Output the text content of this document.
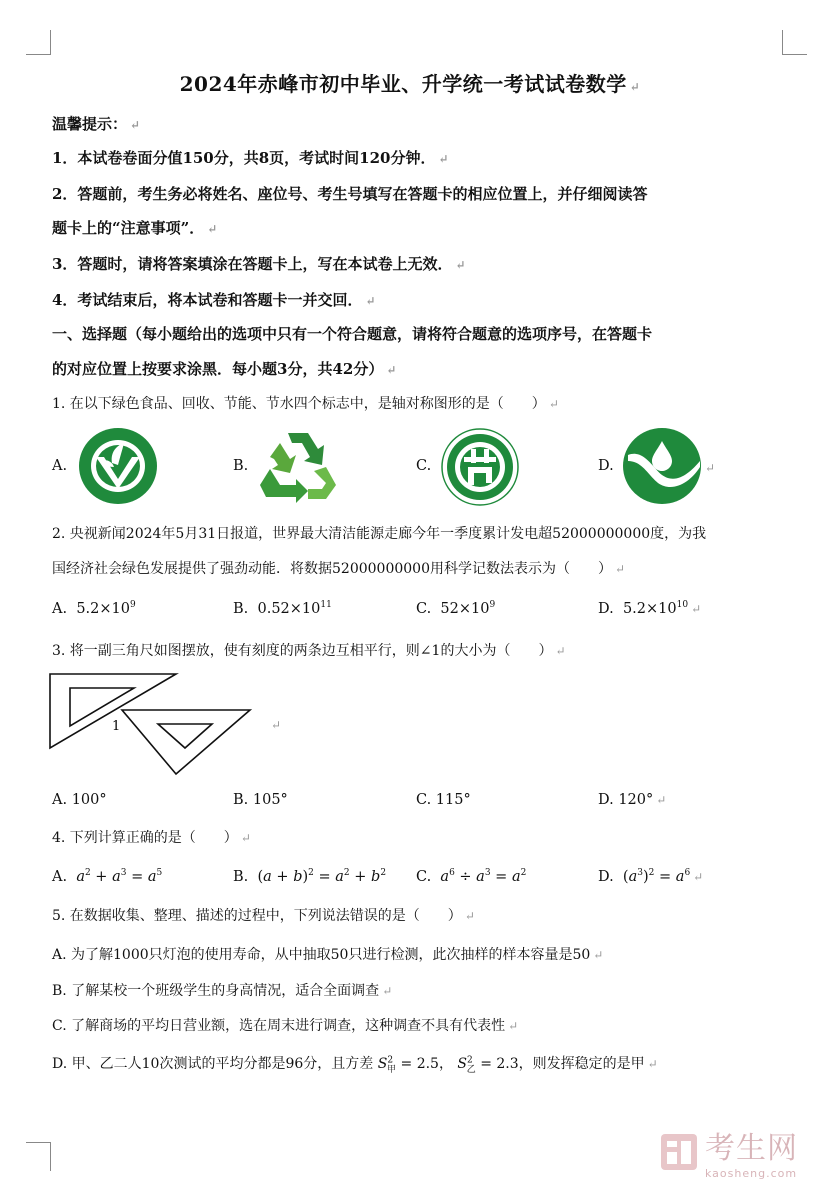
2024年赤峰市初中毕业、升学统一考试试卷数学 ↵
温馨提示： ↵
1．本试卷卷面分值150分，共8页，考试时间120分钟． ↵
2．答题前，考生务必将姓名、座位号、考生号填写在答题卡的相应位置上，并仔细阅读答
题卡上的“注意事项”． ↵
3．答题时，请将答案填涂在答题卡上，写在本试卷上无效． ↵
4．考试结束后，将本试卷和答题卡一并交回． ↵
一、选择题（每小题给出的选项中只有一个符合题意，请将符合题意的选项序号，在答题卡
的对应位置上按要求涂黑．每小题3分，共42分） ↵
1. 在以下绿色食品、回收、节能、节水四个标志中，是轴对称图形的是（　　） ↵
A.	B.	C.	D.	↵
2. 央视新闻2024年5月31日报道，世界最大清洁能源走廊今年一季度累计发电超52000000000度，为我
国经济社会绿色发展提供了强劲动能．将数据52000000000用科学记数法表示为（　　） ↵
A. $5.2\times 10^9$	B. $0.52\times 10^{11}$	C. $52\times 10^9$	D. $5.2\times 10^{10}$ ↵
3. 将一副三角尺如图摆放，使有刻度的两条边互相平行，则∠1的大小为（　　） ↵
1	↵
A. 100°	B. 105°	C. 115°	D. 120° ↵
4. 下列计算正确的是（　　） ↵
A. $a^2 + a^3 = a^5$	B.  $(a + b)^2 = a^2 + b^2$ C. $a^6 \div a^3 = a^2$	D.  $(a^3)^2 = a^6$ ↵
5. 在数据收集、整理、描述的过程中，下列说法错误的是（　　） ↵
A. 为了解1000只灯泡的使用寿命，从中抽取50只进行检测，此次抽样的样本容量是50 ↵
B. 了解某校一个班级学生的身高情况，适合全面调查 ↵
C. 了解商场的平均日营业额，选在周末进行调查，这种调查不具有代表性 ↵
D. 甲、乙二人10次测试的平均分都是96分，且方差 $S^2_甲 = 2.5$， $S^2_乙 = 2.3$，则发挥稳定的是甲 ↵
考生网
kaosheng.com
